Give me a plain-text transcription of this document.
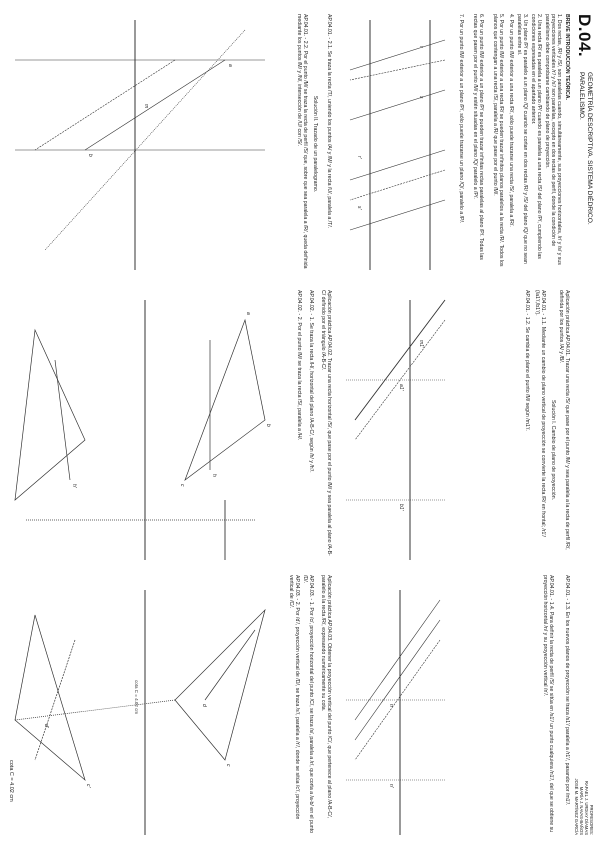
D.04.
GEOMETRÍA DESCRIPTIVA. SISTEMA DIÉDRICO.
PARALELISMO.
PROFESORES:
RAFAEL J. URDIAY DÍAMAS
MARÍA J. NAVAS-BAÑOS
JOSÉ M. MARTÍNEZ GARCÍA
BREVE INTRODUCCIÓN TEÓRICA.
1. Dos rectas, /R/ y /S/, son paralelas cuando, simultáneamente, sus proyecciones horizontales, /r/ y /s/ y sus proyecciones verticales /r'/ y /s'/ son paralelas, excepto en dos rectas de perfil, donde la condición de paralelismo debe comprobarse cambiando de plano de proyección.
2. Una recta /R/ es paralela a un plano /P/ cuando es paralela a una recta /S/ del plano /P/, cumpliendo las condiciones expresadas en el apartado anterior.
3. Un plano /P/ es paralelo a un plano /Q/ cuando se cortan en dos rectas /R/ y /S/ del plano /Q/ que no sean paralelas entre sí.
4. Por un punto /M/ exterior a una recta /R/, sólo puede trazarse una recta /S/, paralela a /R/.
5. Por un punto /M/ exterior a una recta /R/ se pueden trazar infinitos planos paralelos a la recta /R/. Todos los planos que contengan a una recta /S/, paralela a /R/ que pase por el punto /M/.
6. Por un punto /M/ exterior a un plano /P/ se pueden trazar infinitas rectas paralelas al plano /P/. Todas las rectas que pasen por el punto /M/ y estén situadas en el plano /Q/ paralelo a /P/.
7. Por un punto /M/ exterior a un plano /P/, sólo puede trazarse un plano /Q/, paralelo a /P/.
Aplicación práctica AP.04.01. Trazar una recta /S/ que pase por el punto /M/ y sea paralela a la recta de perfil /R/, definida por los puntos /A/ y /B/.
Solución I. Cambio de plano de proyección.
AP.04.01. - 1.1. Mediante un cambio de plano vertical de proyección se convierte la recta /R/ en frontal; /r1'/ (/a1'/,/b1'/).
AP.04.01. - 1.2. Se cambia de plano el punto /M/ según /m1'/.
AP.04.01. - 1.3. En los nuevos planos de proyección se traza /s1'/ paralela a /r1'/, pasando por /m1'/.
AP.04.01. - 1.4. Para definir la recta de perfil /S/ se sitúa en /s1'/ un punto cualquiera /n1'/, del que se obtiene su proyección horizontal /n/ y su proyección vertical /n'/.
r
s
r'
s'
a1'
b1'
m1'
n
n'
AP.04.01. - 2.1. Se traza la recta /T/, uniendo los puntos /A/ y /M/ y la recta /U/, paralela a /T/.
Solución II. Trazado de un paralelogramo.
AP.04.01. - 2.2. Por el punto /M/ se traza la recta de perfil /S/ que, sobre que sea paralela a /R/, queda definida mediante los puntos /M/ y /N/, intersección de /U/ con /S/.
Aplicación práctica AP.04.02. Trazar una recta horizontal /S/, que pase por el punto /M/ y sea paralela al plano /A-B-C/ definido por el triángulo /A-B-C/.
AP.04.02. - 1. Se traza la recta /H/, horizontal del plano /A-B-C/, según /h/ y /h'/.
AP.04.02. - 2. Por el punto /M/ se traza la recta /S/, paralela a /H/.
Aplicación práctica AP.04.03. Obtener la proyección vertical del punto /C/, que pertenece al plano /A-B-C/, paralelo a la recta /R/, expresando numéricamente su cota.
AP.04.03. - 1. Por /c/, proyección horizontal del punto /C/, se traza /s/, paralela a /r/, que corta a /a-b/ en el punto /D/.
AP.04.03. - 2. Por /d'/, proyección vertical de /D/, se traza /s'/, paralela a /r'/, donde se sitúa /c'/, proyección vertical de /C/.
a
b
m
a
b
c
h
h'
c
c'
d
d'
cota C = 4.02 cm
cota C = 4.02 cm
